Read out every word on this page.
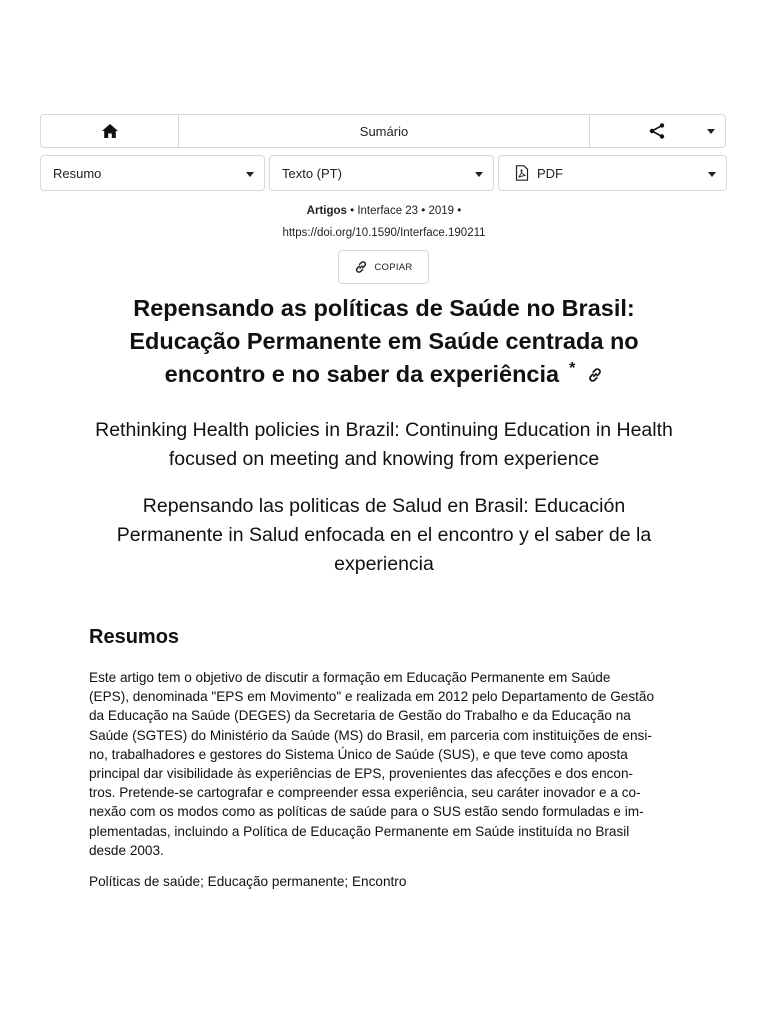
Sumário
Resumo	Texto (PT)	PDF
Artigos • Interface 23 • 2019 •
https://doi.org/10.1590/Interface.190211
COPIAR
Repensando as políticas de Saúde no Brasil:
Educação Permanente em Saúde centrada no
encontro e no saber da experiência *

Rethinking Health policies in Brazil: Continuing Education in Health focused on meeting and knowing from experience

Repensando las politicas de Salud en Brasil: Educación Permanente in Salud enfocada en el encontro y el saber de la experiencia

Resumos

Este artigo tem o objetivo de discutir a formação em Educação Permanente em Saúde
(EPS), denominada "EPS em Movimento" e realizada em 2012 pelo Departamento de Gestão
da Educação na Saúde (DEGES) da Secretaria de Gestão do Trabalho e da Educação na
Saúde (SGTES) do Ministério da Saúde (MS) do Brasil, em parceria com instituições de ensi-
no, trabalhadores e gestores do Sistema Único de Saúde (SUS), e que teve como aposta
principal dar visibilidade às experiências de EPS, provenientes das afecções e dos encon-
tros. Pretende-se cartografar e compreender essa experiência, seu caráter inovador e a co-
nexão com os modos como as políticas de saúde para o SUS estão sendo formuladas e im-
plementadas, incluindo a Política de Educação Permanente em Saúde instituída no Brasil
desde 2003.

Políticas de saúde; Educação permanente; Encontro
